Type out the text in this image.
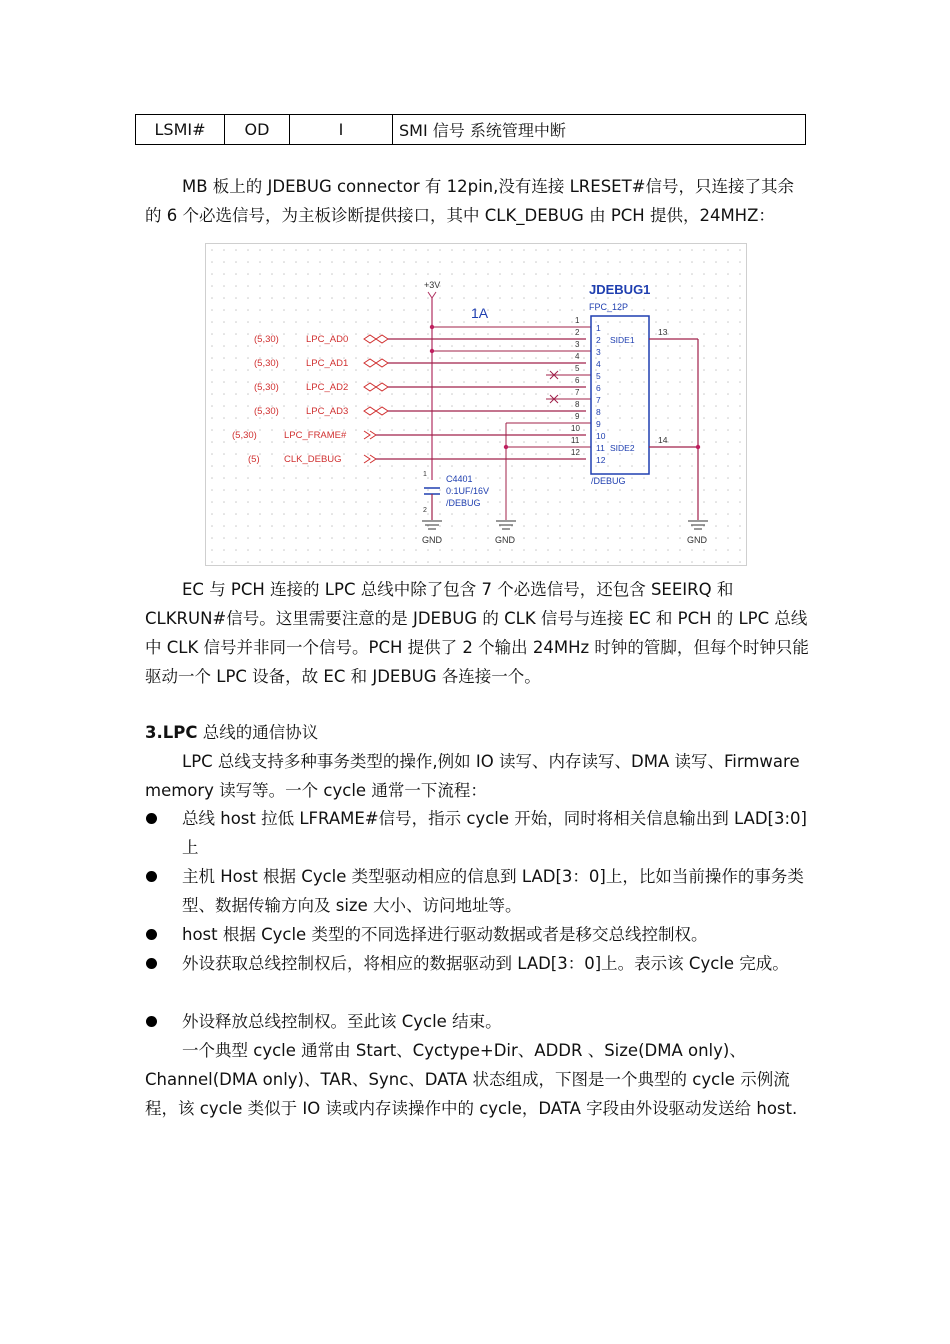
LSMI#	OD	I	SMI 信号 系统管理中断

MB 板上的 JDEBUG connector 有 12pin,没有连接 LRESET#信号，只连接了其余的 6 个必选信号，为主板诊断提供接口，其中 CLK_DEBUG 由 PCH 提供，24MHZ：

+3V
1A
(5,30)	LPC_AD0
(5,30)	LPC_AD1
(5,30)	LPC_AD2
(5,30)	LPC_AD3
(5,30)	LPC_FRAME#
(5)	CLK_DEBUG
1
2
3
4
5
6
7
8
9
10
11
12
JDEBUG1
FPC_12P
1
2
3
4
5
6
7
8
9
10
11
12
SIDE1
SIDE2
/DEBUG
13
14
1
2
C4401
0.1UF/16V
/DEBUG
GND	GND	GND

EC 与 PCH 连接的 LPC 总线中除了包含 7 个必选信号，还包含 SEEIRQ 和 CLKRUN#信号。这里需要注意的是 JDEBUG 的 CLK 信号与连接 EC 和 PCH 的 LPC 总线中 CLK 信号并非同一个信号。PCH 提供了 2 个输出 24MHz 时钟的管脚，但每个时钟只能驱动一个 LPC 设备，故 EC 和 JDEBUG 各连接一个。

3.LPC 总线的通信协议

LPC 总线支持多种事务类型的操作,例如 IO 读写、内存读写、DMA 读写、Firmware memory 读写等。一个 cycle 通常一下流程：

总线 host 拉低 LFRAME#信号，指示 cycle 开始，同时将相关信息输出到 LAD[3:0]上
主机 Host 根据 Cycle 类型驱动相应的信息到 LAD[3：0]上，比如当前操作的事务类型、数据传输方向及 size 大小、访问地址等。
host 根据 Cycle 类型的不同选择进行驱动数据或者是移交总线控制权。
外设获取总线控制权后，将相应的数据驱动到 LAD[3：0]上。表示该 Cycle 完成。
外设释放总线控制权。至此该 Cycle 结束。

一个典型 cycle 通常由 Start、Cyctype+Dir、ADDR 、Size(DMA only)、Channel(DMA only)、TAR、Sync、DATA 状态组成，下图是一个典型的 cycle 示例流程，该 cycle 类似于 IO 读或内存读操作中的 cycle，DATA 字段由外设驱动发送给 host.
